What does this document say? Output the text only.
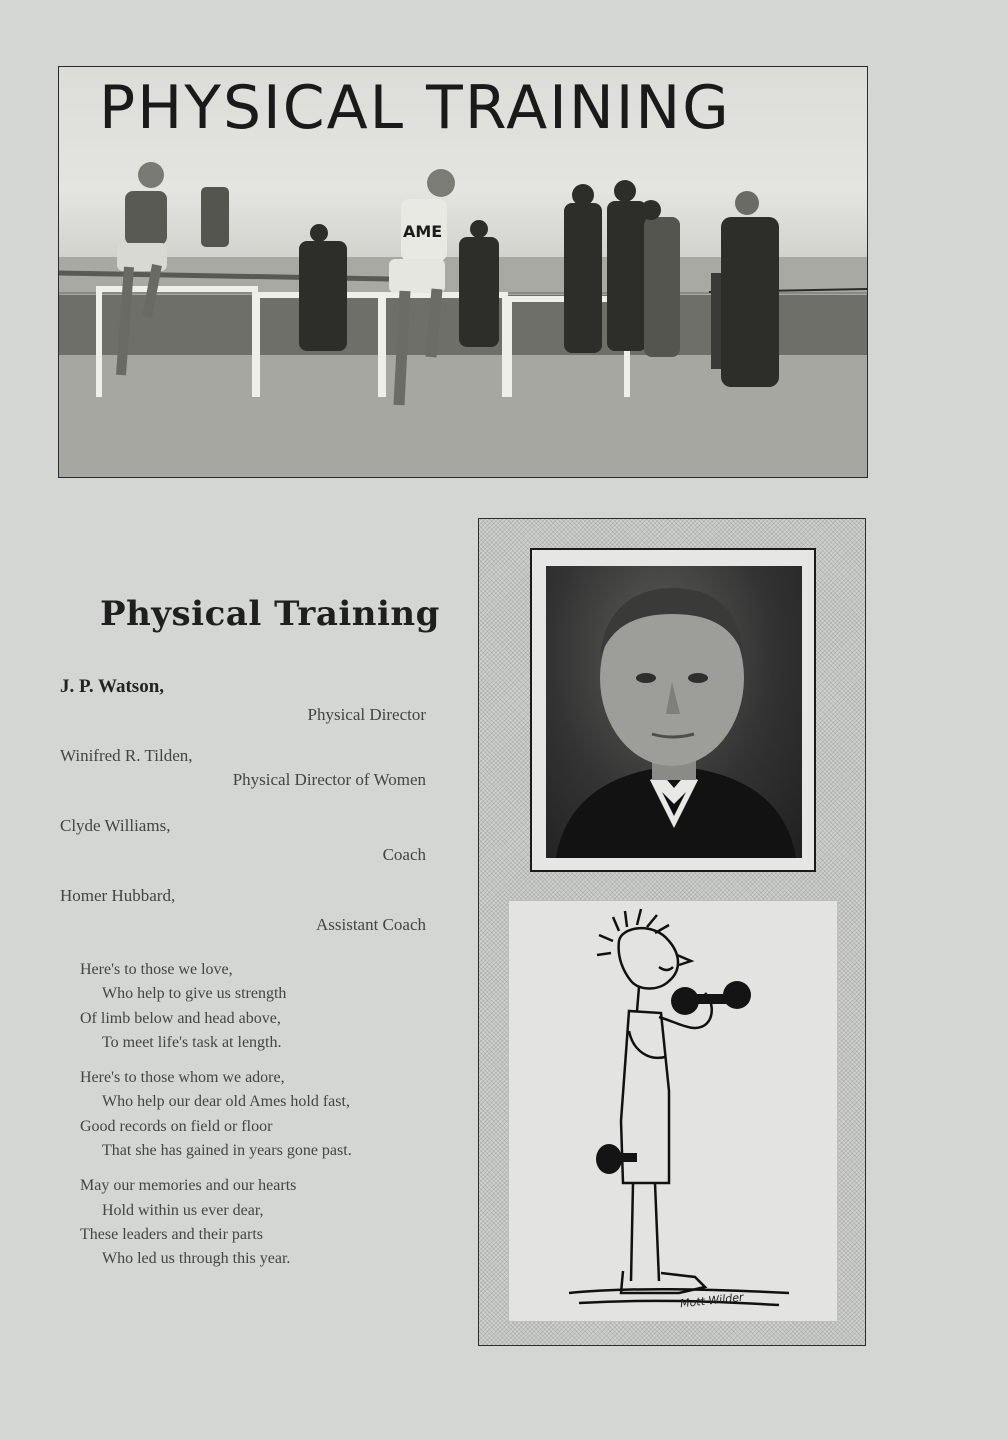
AME
PHYSICAL TRAINING
Physical Training
J. P. Watson,
Physical Director
Winifred R. Tilden,
Physical Director of Women
Clyde Williams,
Coach
Homer Hubbard,
Assistant Coach
Here's to those we love,
Who help to give us strength
Of limb below and head above,
To meet life's task at length.
Here's to those whom we adore,
Who help our dear old Ames hold fast,
Good records on field or floor
That she has gained in years gone past.
May our memories and our hearts
Hold within us ever dear,
These leaders and their parts
Who led us through this year.
Mott Wilder
